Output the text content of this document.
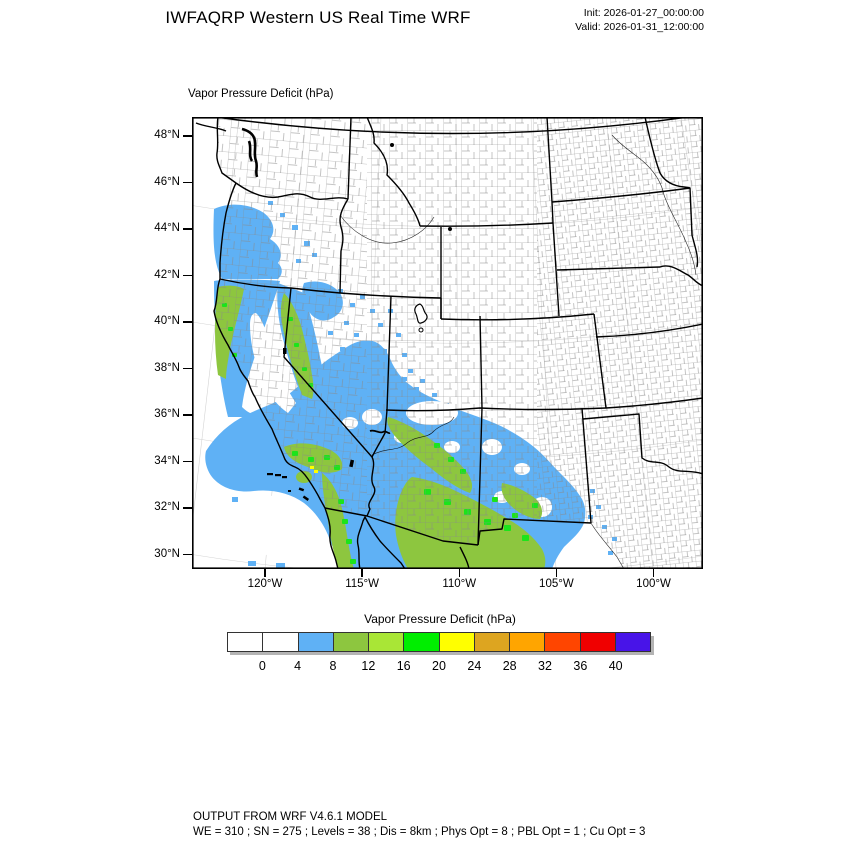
IWFAQRP Western US Real Time WRF	Init: 2026-01-27_00:00:00
Valid: 2026-01-31_12:00:00
Vapor Pressure Deficit (hPa)
Vapor Pressure Deficit (hPa)
OUTPUT FROM WRF V4.6.1 MODEL
WE = 310 ; SN = 275 ; Levels = 38 ; Dis = 8km ; Phys Opt = 8 ; PBL Opt = 1 ; Cu Opt = 3
48°N
46°N
44°N
42°N
40°N
38°N
36°N
34°N
32°N
30°N
120°W	115°W	110°W	105°W	100°W
0	4	8	12	16	20	24	28	32	36	40
